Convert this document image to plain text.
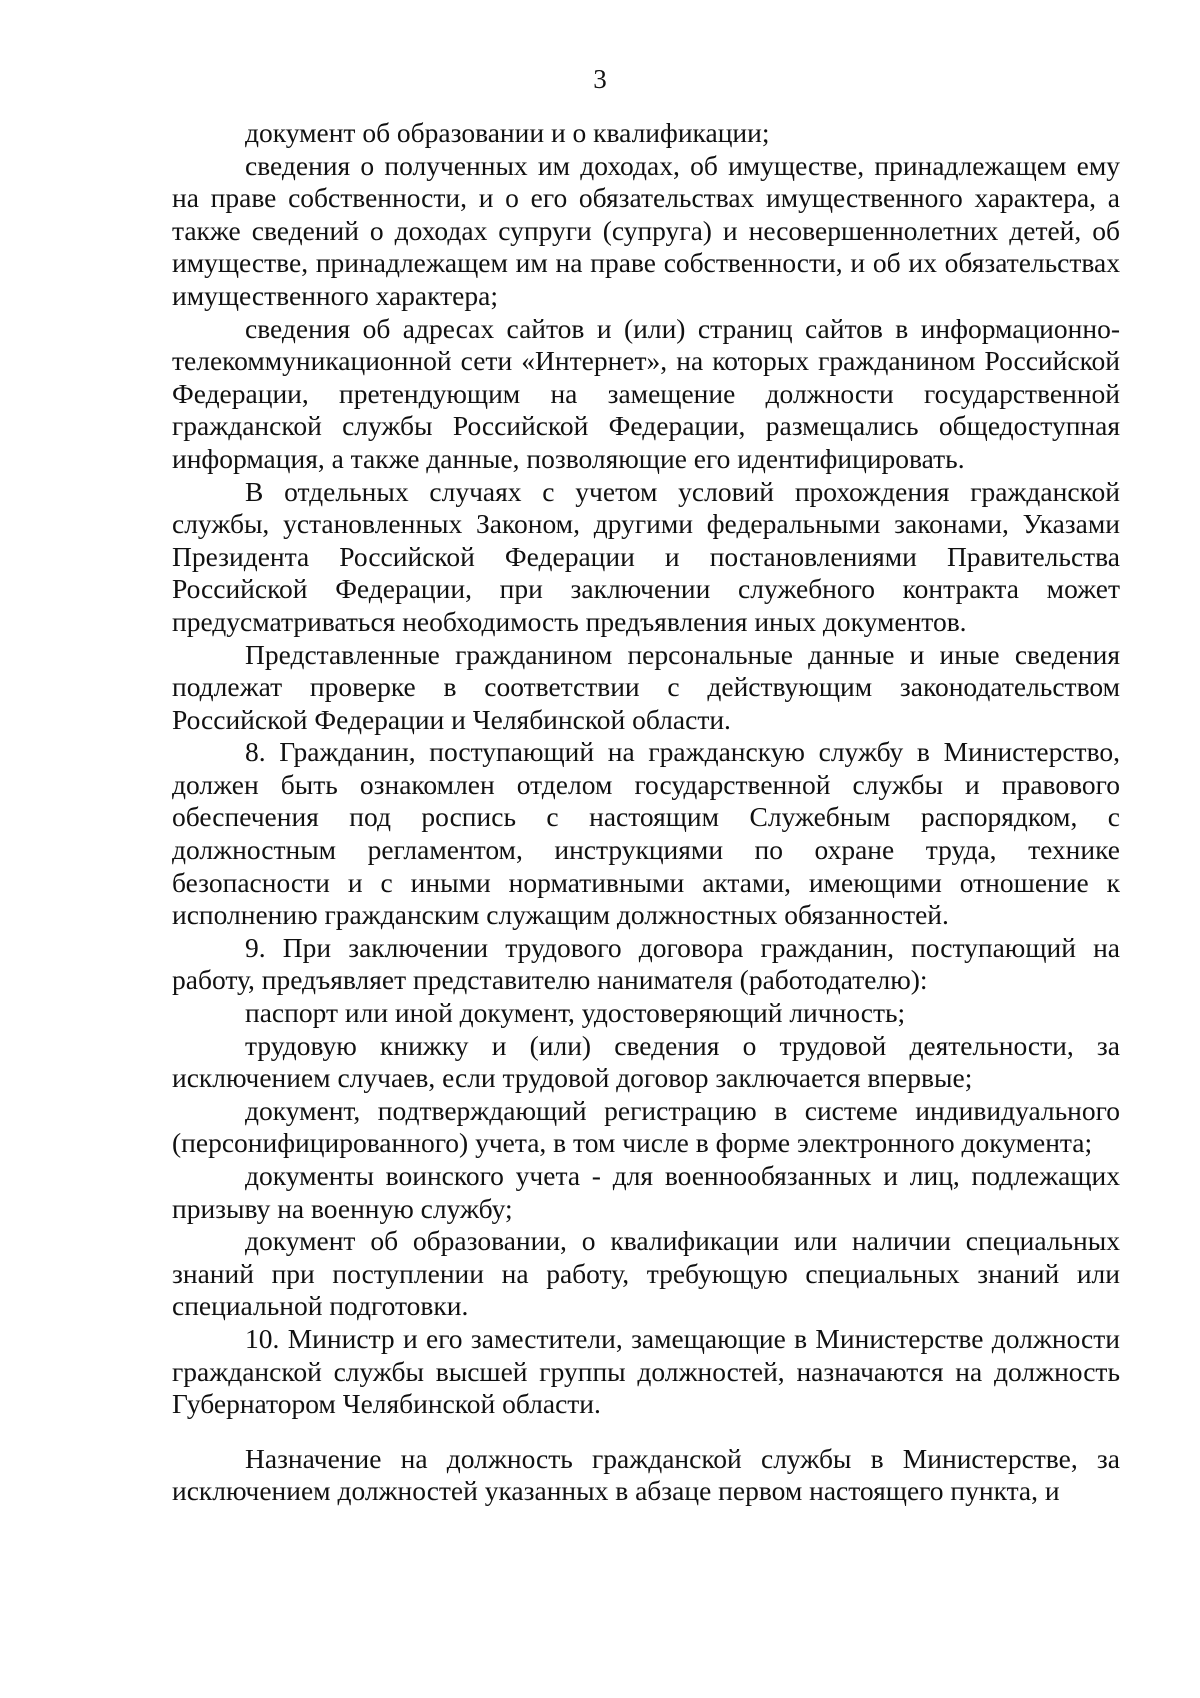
3

документ об образовании и о квалификации;

сведения о полученных им доходах, об имуществе, принадлежащем ему на праве собственности, и о его обязательствах имущественного характера, а также сведений о доходах супруги (супруга) и несовершеннолетних детей, об имуществе, принадлежащем им на праве собственности, и об их обязательствах имущественного характера;

сведения об адресах сайтов и (или) страниц сайтов в информационно-телекоммуникационной сети «Интернет», на которых гражданином Российской Федерации, претендующим на замещение должности государственной гражданской службы Российской Федерации, размещались общедоступная информация, а также данные, позволяющие его идентифицировать.

В отдельных случаях с учетом условий прохождения гражданской службы, установленных Законом, другими федеральными законами, Указами Президента Российской Федерации и постановлениями Правительства Российской Федерации, при заключении служебного контракта может предусматриваться необходимость предъявления иных документов.

Представленные гражданином персональные данные и иные сведения подлежат проверке в соответствии с действующим законодательством Российской Федерации и Челябинской области.

8. Гражданин, поступающий на гражданскую службу в Министерство, должен быть ознакомлен отделом государственной службы и правового обеспечения под роспись с настоящим Служебным распорядком, с должностным регламентом, инструкциями по охране труда, технике безопасности и с иными нормативными актами, имеющими отношение к исполнению гражданским служащим должностных обязанностей.

9. При заключении трудового договора гражданин, поступающий на работу, предъявляет представителю нанимателя (работодателю):

паспорт или иной документ, удостоверяющий личность;

трудовую книжку и (или) сведения о трудовой деятельности, за исключением случаев, если трудовой договор заключается впервые;

документ, подтверждающий регистрацию в системе индивидуального (персонифицированного) учета, в том числе в форме электронного документа;

документы воинского учета - для военнообязанных и лиц, подлежащих призыву на военную службу;

документ об образовании, о квалификации или наличии специальных знаний при поступлении на работу, требующую специальных знаний или специальной подготовки.

10. Министр и его заместители, замещающие в Министерстве должности гражданской службы высшей группы должностей, назначаются на должность Губернатором Челябинской области.

Назначение на должность гражданской службы в Министерстве, за исключением должностей указанных в абзаце первом настоящего пункта, и
